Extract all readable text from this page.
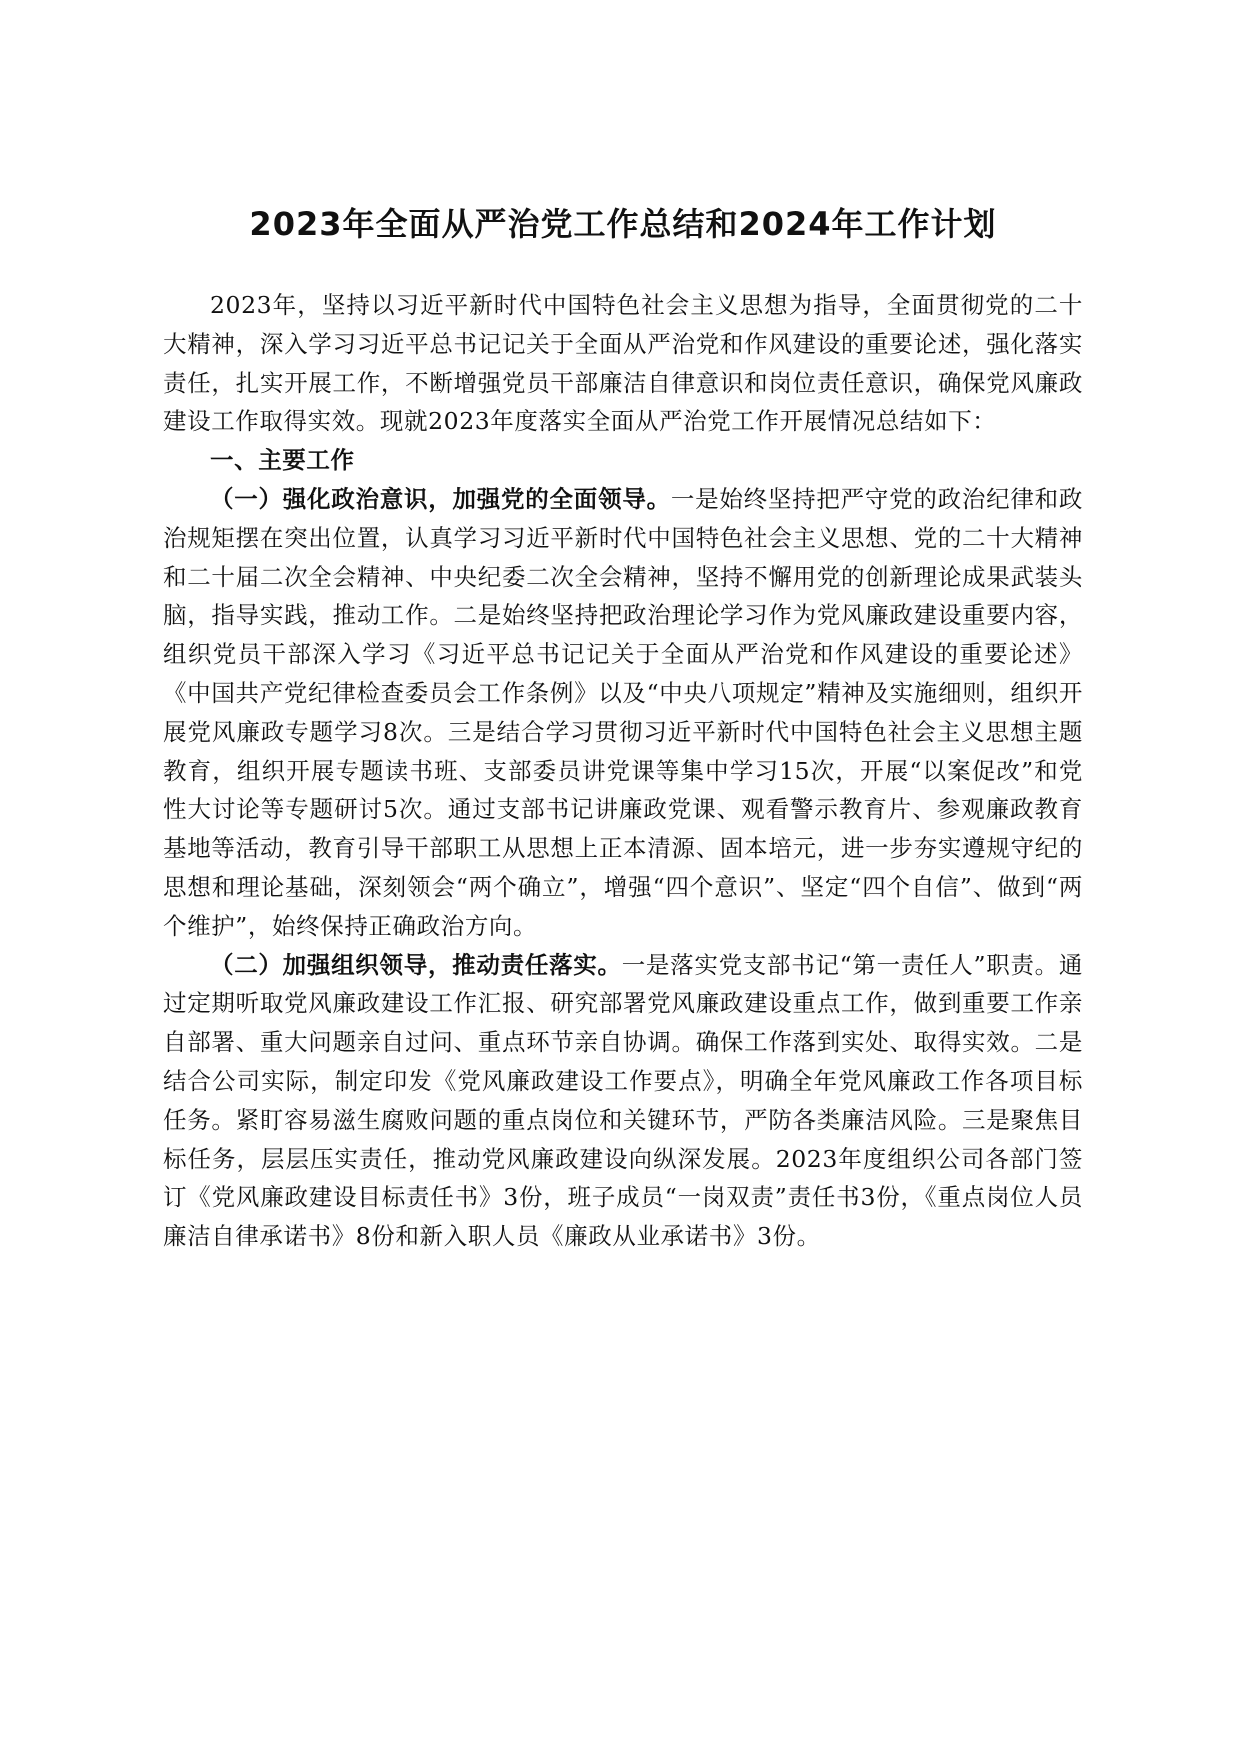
2023年全面从严治党工作总结和2024年工作计划

2023年，坚持以习近平新时代中国特色社会主义思想为指导，全面贯彻党的二十大精神，深入学习习近平总书记记关于全面从严治党和作风建设的重要论述，强化落实责任，扎实开展工作，不断增强党员干部廉洁自律意识和岗位责任意识，确保党风廉政建设工作取得实效。现就2023年度落实全面从严治党工作开展情况总结如下：

一、主要工作

（一）强化政治意识，加强党的全面领导。一是始终坚持把严守党的政治纪律和政治规矩摆在突出位置，认真学习习近平新时代中国特色社会主义思想、党的二十大精神和二十届二次全会精神、中央纪委二次全会精神，坚持不懈用党的创新理论成果武装头脑，指导实践，推动工作。二是始终坚持把政治理论学习作为党风廉政建设重要内容，组织党员干部深入学习《习近平总书记记关于全面从严治党和作风建设的重要论述》《中国共产党纪律检查委员会工作条例》以及“中央八项规定”精神及实施细则，组织开展党风廉政专题学习8次。三是结合学习贯彻习近平新时代中国特色社会主义思想主题教育，组织开展专题读书班、支部委员讲党课等集中学习15次，开展“以案促改”和党性大讨论等专题研讨5次。通过支部书记讲廉政党课、观看警示教育片、参观廉政教育基地等活动，教育引导干部职工从思想上正本清源、固本培元，进一步夯实遵规守纪的思想和理论基础，深刻领会“两个确立”，增强“四个意识”、坚定“四个自信”、做到“两个维护”，始终保持正确政治方向。

（二）加强组织领导，推动责任落实。一是落实党支部书记“第一责任人”职责。通过定期听取党风廉政建设工作汇报、研究部署党风廉政建设重点工作，做到重要工作亲自部署、重大问题亲自过问、重点环节亲自协调。确保工作落到实处、取得实效。二是结合公司实际，制定印发《党风廉政建设工作要点》，明确全年党风廉政工作各项目标任务。紧盯容易滋生腐败问题的重点岗位和关键环节，严防各类廉洁风险。三是聚焦目标任务，层层压实责任，推动党风廉政建设向纵深发展。2023年度组织公司各部门签订《党风廉政建设目标责任书》3份，班子成员“一岗双责”责任书3份，《重点岗位人员廉洁自律承诺书》8份和新入职人员《廉政从业承诺书》3份。
